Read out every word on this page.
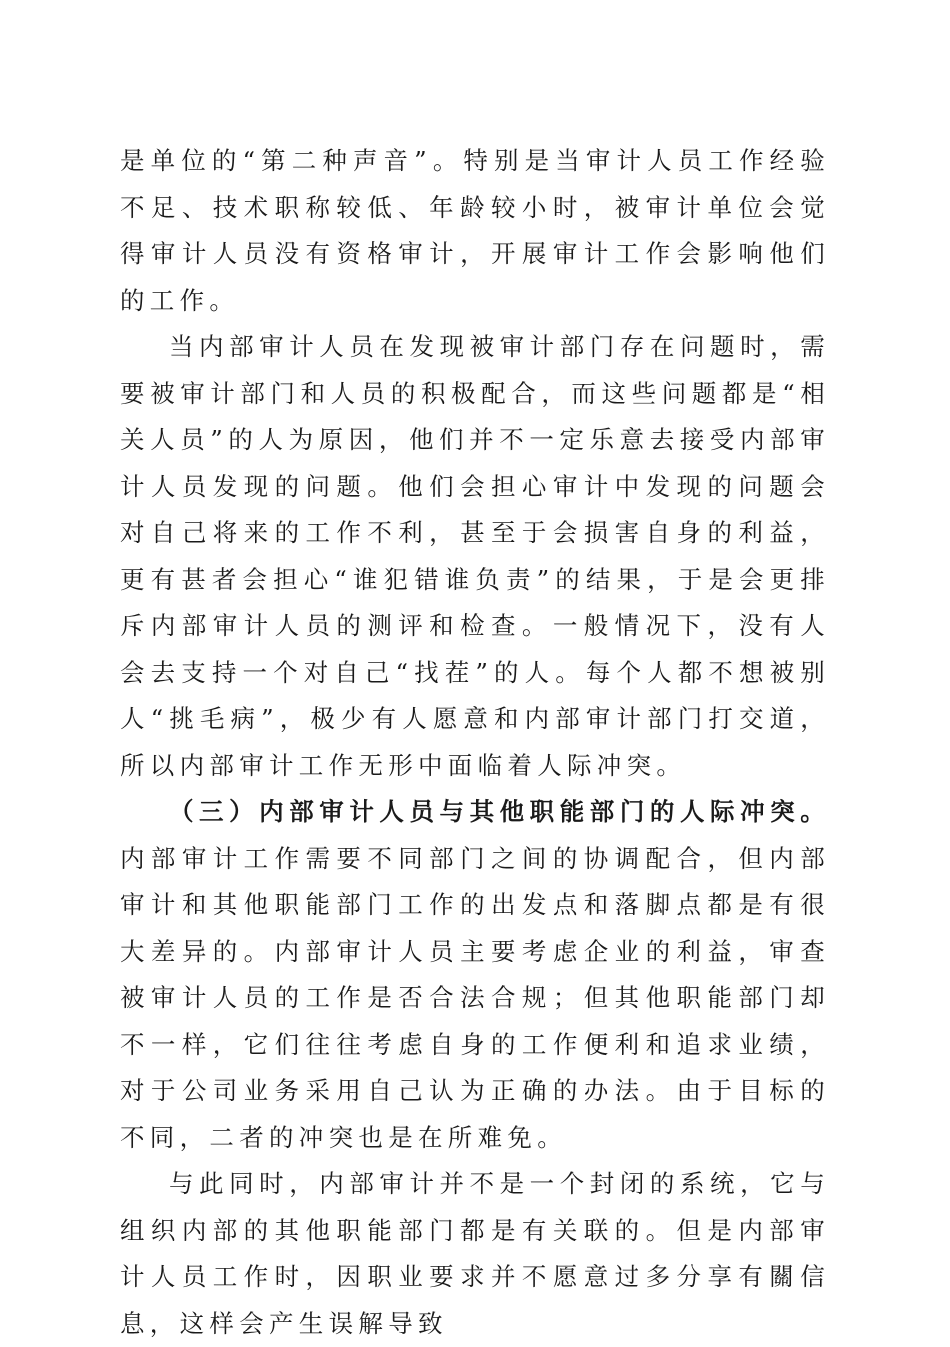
是单位的“第二种声音”。特别是当审计人员工作经验不足、技术职称较低、年龄较小时，被审计单位会觉得审计人员没有资格审计，开展审计工作会影响他们的工作。

当内部审计人员在发现被审计部门存在问题时，需要被审计部门和人员的积极配合，而这些问题都是“相关人员”的人为原因，他们并不一定乐意去接受内部审计人员发现的问题。他们会担心审计中发现的问题会对自己将来的工作不利，甚至于会损害自身的利益，更有甚者会担心“谁犯错谁负责”的结果，于是会更排斥内部审计人员的测评和检查。一般情况下，没有人会去支持一个对自己“找茬”的人。每个人都不想被别人“挑毛病”，极少有人愿意和内部审计部门打交道，所以内部审计工作无形中面临着人际冲突。

（三）内部审计人员与其他职能部门的人际冲突。内部审计工作需要不同部门之间的协调配合，但内部审计和其他职能部门工作的出发点和落脚点都是有很大差异的。内部审计人员主要考虑企业的利益，审查被审计人员的工作是否合法合规；但其他职能部门却不一样，它们往往考虑自身的工作便利和追求业绩，对于公司业务采用自己认为正确的办法。由于目标的不同，二者的冲突也是在所难免。

与此同时，内部审计并不是一个封闭的系统，它与组织内部的其他职能部门都是有关联的。但是内部审计人员工作时，因职业要求并不愿意过多分享有關信息，这样会产生误解导致
